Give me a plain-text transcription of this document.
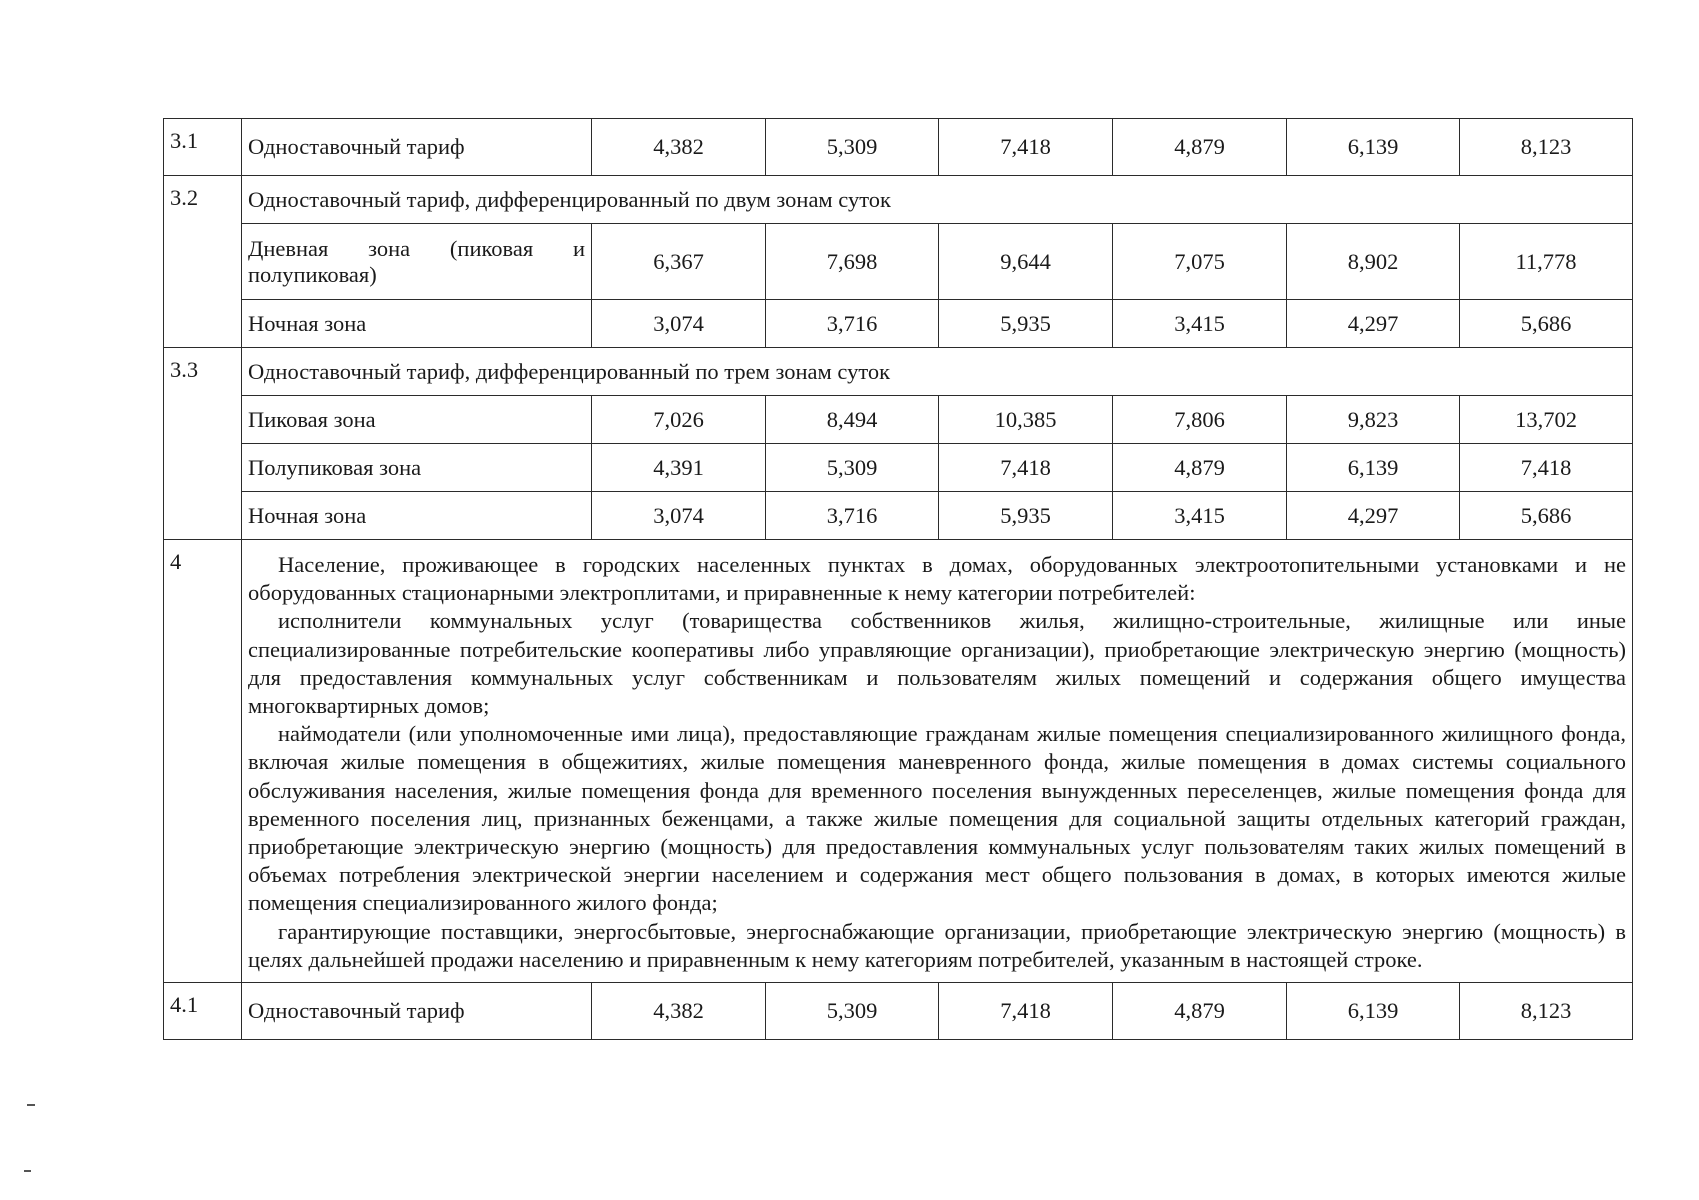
3.1	Одноставочный тариф	4,382	5,309	7,418	4,879	6,139	8,123
3.2	Одноставочный тариф, дифференцированный по двум зонам суток						
	Дневная зона (пиковая и полупиковая)	6,367	7,698	9,644	7,075	8,902	11,778
	Ночная зона	3,074	3,716	5,935	3,415	4,297	5,686
3.3	Одноставочный тариф, дифференцированный по трем зонам суток						
	Пиковая зона	7,026	8,494	10,385	7,806	9,823	13,702
	Полупиковая зона	4,391	5,309	7,418	4,879	6,139	7,418
	Ночная зона	3,074	3,716	5,935	3,415	4,297	5,686
4	Население, проживающее в городских населенных пунктах в домах, оборудованных электроотопительными установками и не оборудованных стационарными электроплитами, и приравненные к нему категории потребителей:

исполнители коммунальных услуг (товарищества собственников жилья, жилищно-строительные, жилищные или иные специализированные потребительские кооперативы либо управляющие организации), приобретающие электрическую энергию (мощность) для предоставления коммунальных услуг собственникам и пользователям жилых помещений и содержания общего имущества многоквартирных домов;

наймодатели (или уполномоченные ими лица), предоставляющие гражданам жилые помещения специализированного жилищного фонда, включая жилые помещения в общежитиях, жилые помещения маневренного фонда, жилые помещения в домах системы социального обслуживания населения, жилые помещения фонда для временного поселения вынужденных переселенцев, жилые помещения фонда для временного поселения лиц, признанных беженцами, а также жилые помещения для социальной защиты отдельных категорий граждан, приобретающие электрическую энергию (мощность) для предоставления коммунальных услуг пользователям таких жилых помещений в объемах потребления электрической энергии населением и содержания мест общего пользования в домах, в которых имеются жилые помещения специализированного жилого фонда;

гарантирующие поставщики, энергосбытовые, энергоснабжающие организации, приобретающие электрическую энергию (мощность) в целях дальнейшей продажи населению и приравненным к нему категориям потребителей, указанным в настоящей строке.						

4.1	Одноставочный тариф	4,382	5,309	7,418	4,879	6,139	8,123
